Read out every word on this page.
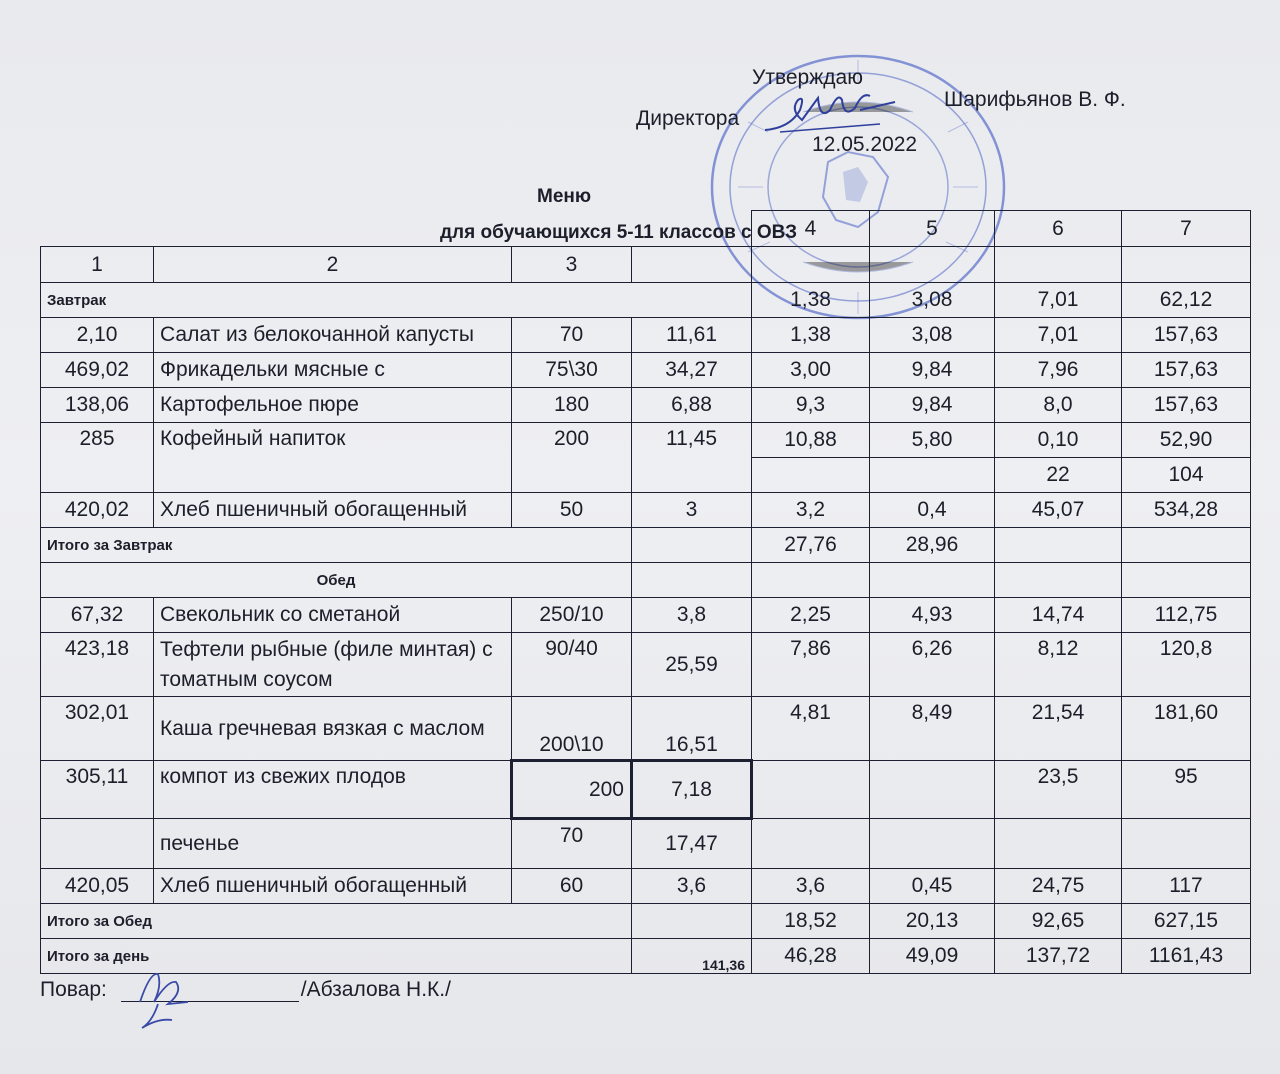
Утверждаю
Директора
Шарифьянов В. Ф.
12.05.2022
Меню
для обучающихся 5-11 классов с ОВЗ
				4	5	6	7
1	2	3					
Завтрак				1,38	3,08	7,01	62,12
2,10	Салат из белокочанной капусты	70	11,61	1,38	3,08	7,01	157,63
469,02	Фрикадельки мясные с	75\30	34,27	3,00	9,84	7,96	157,63
138,06	Картофельное пюре	180	6,88	9,3	9,84	8,0	157,63
285	Кофейный напиток	200	11,45	10,88	5,80	0,10	52,90
						22	104
420,02	Хлеб пшеничный обогащенный	50	3	3,2	0,4	45,07	534,28
Итого за Завтрак				27,76	28,96		
Обед							
67,32	Свекольник со сметаной	250/10	3,8	2,25	4,93	14,74	112,75
423,18	Тефтели рыбные (филе минтая) с томатным соусом	90/40	25,59	7,86	6,26	8,12	120,8
302,01	Каша гречневая вязкая с маслом	200\10	16,51	4,81	8,49	21,54	181,60
305,11	компот из свежих плодов	200	7,18			23,5	95
	печенье	70	17,47				
420,05	Хлеб пшеничный обогащенный	60	3,6	3,6	0,45	24,75	117
Итого за Обед				18,52	20,13	92,65	627,15
Итого за день			141,36	46,28	49,09	137,72	1161,43
Повар:	/Абзалова Н.К./
